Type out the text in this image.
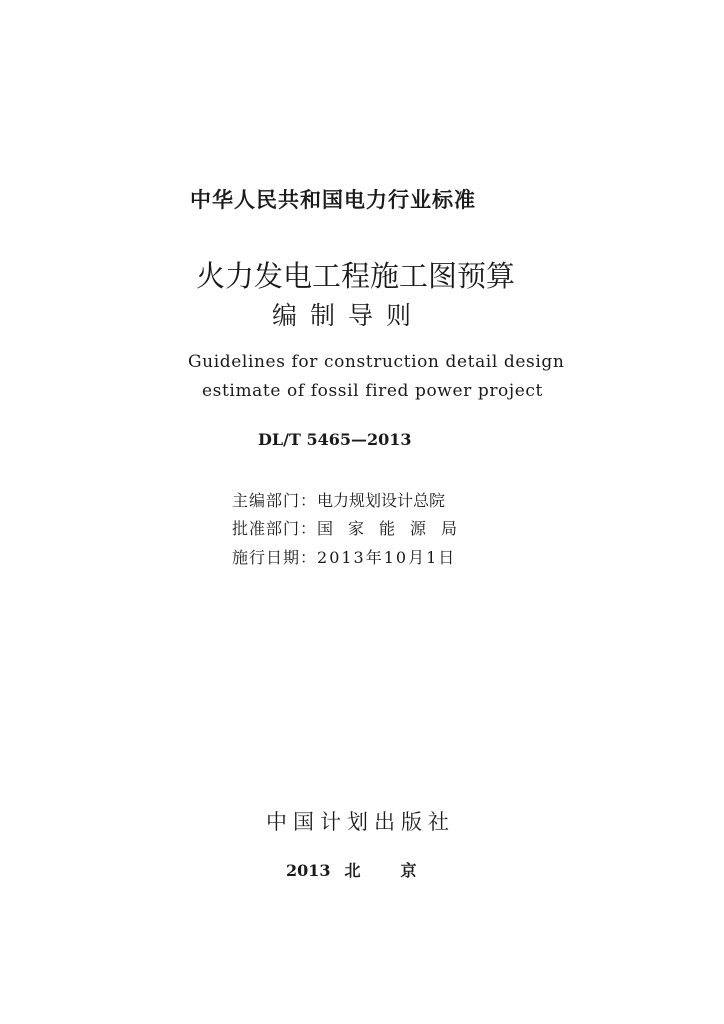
中华人民共和国电力行业标准
火力发电工程施工图预算
编制导则
Guidelines for construction detail design
estimate of fossil fired power project
DL/T 5465—2013
主编部门：电力规划设计总院
批准部门：国家能源局
施行日期：2013年10月1日
中国计划出版社
2013 北	京
